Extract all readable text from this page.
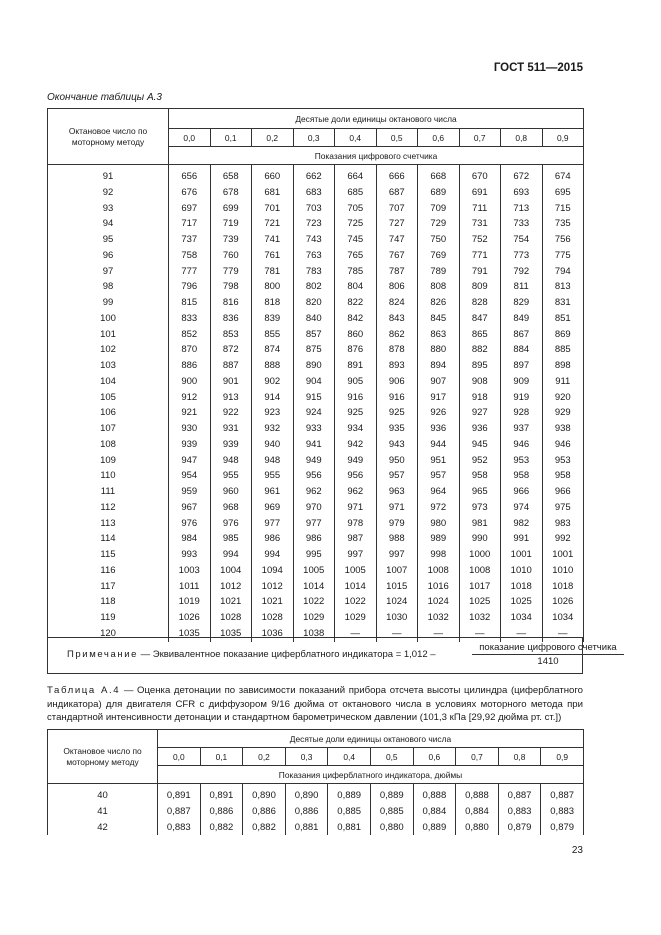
ГОСТ 511—2015
Окончание таблицы А.3
Октановое число по моторному методу	Десятые доли единицы октанового числа									
	0,0	0,1	0,2	0,3	0,4	0,5	0,6	0,7	0,8	0,9
	Показания цифрового счетчика									
91	656	658	660	662	664	666	668	670	672	674
92	676	678	681	683	685	687	689	691	693	695
93	697	699	701	703	705	707	709	711	713	715
94	717	719	721	723	725	727	729	731	733	735
95	737	739	741	743	745	747	750	752	754	756
96	758	760	761	763	765	767	769	771	773	775
97	777	779	781	783	785	787	789	791	792	794
98	796	798	800	802	804	806	808	809	811	813
99	815	816	818	820	822	824	826	828	829	831
100	833	836	839	840	842	843	845	847	849	851
101	852	853	855	857	860	862	863	865	867	869
102	870	872	874	875	876	878	880	882	884	885
103	886	887	888	890	891	893	894	895	897	898
104	900	901	902	904	905	906	907	908	909	911
105	912	913	914	915	916	916	917	918	919	920
106	921	922	923	924	925	925	926	927	928	929
107	930	931	932	933	934	935	936	936	937	938
108	939	939	940	941	942	943	944	945	946	946
109	947	948	948	949	949	950	951	952	953	953
110	954	955	955	956	956	957	957	958	958	958
111	959	960	961	962	962	963	964	965	966	966
112	967	968	969	970	971	971	972	973	974	975
113	976	976	977	977	978	979	980	981	982	983
114	984	985	986	986	987	988	989	990	991	992
115	993	994	994	995	997	997	998	1000	1001	1001
116	1003	1004	1094	1005	1005	1007	1008	1008	1010	1010
117	1011	1012	1012	1014	1014	1015	1016	1017	1018	1018
118	1019	1021	1021	1022	1022	1024	1024	1025	1025	1026
119	1026	1028	1028	1029	1029	1030	1032	1032	1034	1034
120	1035	1035	1036	1038	—	—	—	—	—	—
Примечание — Эквивалентное показание циферблатного индикатора = 1,012 –
показание цифрового счетчика
1410
Таблица А.4 — Оценка детонации по зависимости показаний прибора отсчета высоты цилиндра (циферблатного индикатора) для двигателя CFR с диффузором 9/16 дюйма от октанового числа в условиях моторного метода при стандартной интенсивности детонации и стандартном барометрическом давлении (101,3 кПа [29,92 дюйма рт. ст.])
Октановое число по моторному методу	Десятые доли единицы октанового числа									
	0,0	0,1	0,2	0,3	0,4	0,5	0,6	0,7	0,8	0,9
	Показания циферблатного индикатора, дюймы									
40	0,891	0,891	0,890	0,890	0,889	0,889	0,888	0,888	0,887	0,887
41	0,887	0,886	0,886	0,886	0,885	0,885	0,884	0,884	0,883	0,883
42	0,883	0,882	0,882	0,881	0,881	0,880	0,889	0,880	0,879	0,879
23
